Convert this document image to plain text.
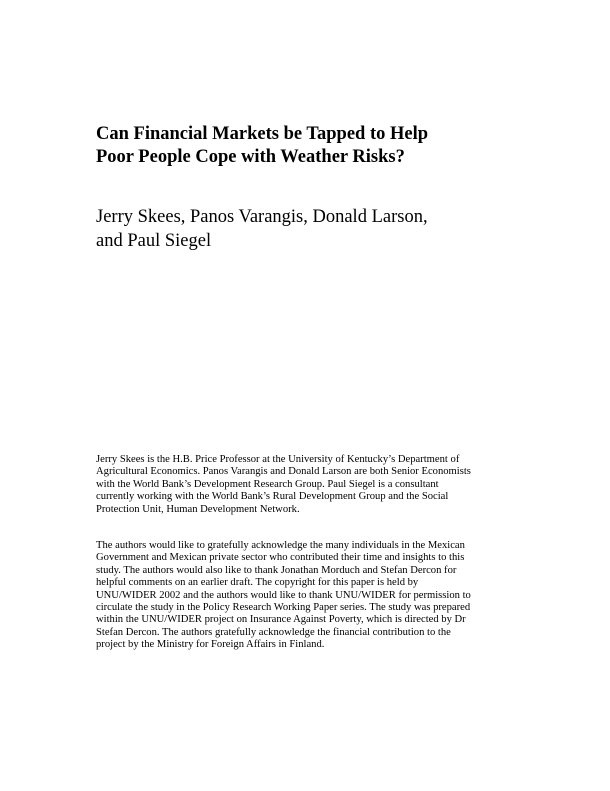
Can Financial Markets be Tapped to Help
Poor People Cope with Weather Risks?
Jerry Skees, Panos Varangis, Donald Larson,
and Paul Siegel
Jerry Skees is the H.B. Price Professor at the University of Kentucky’s Department of
Agricultural Economics. Panos Varangis and Donald Larson are both Senior Economists
with the World Bank’s Development Research Group. Paul Siegel is a consultant
currently working with the World Bank’s Rural Development Group and the Social
Protection Unit, Human Development Network.
The authors would like to gratefully acknowledge the many individuals in the Mexican
Government and Mexican private sector who contributed their time and insights to this
study. The authors would also like to thank Jonathan Morduch and Stefan Dercon for
helpful comments on an earlier draft. The copyright for this paper is held by
UNU/WIDER 2002 and the authors would like to thank UNU/WIDER for permission to
circulate the study in the Policy Research Working Paper series. The study was prepared
within the UNU/WIDER project on Insurance Against Poverty, which is directed by Dr
Stefan Dercon. The authors gratefully acknowledge the financial contribution to the
project by the Ministry for Foreign Affairs in Finland.
